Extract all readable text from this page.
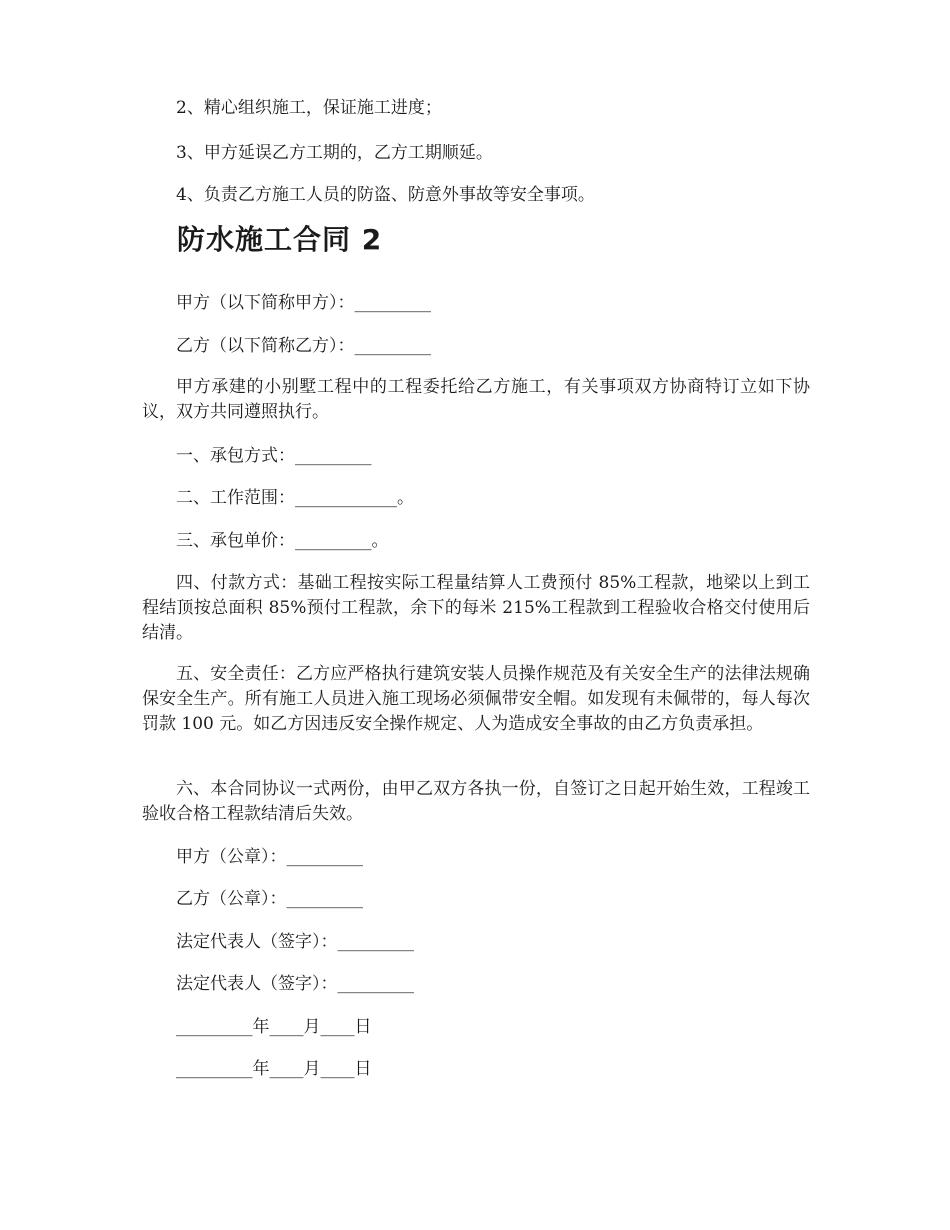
2、精心组织施工，保证施工进度；
3、甲方延误乙方工期的，乙方工期顺延。
4、负责乙方施工人员的防盗、防意外事故等安全事项。
防水施工合同 2
甲方（以下简称甲方）：_________
乙方（以下简称乙方）：_________
甲方承建的小别墅工程中的工程委托给乙方施工，有关事项双方协商特订立如下协议，双方共同遵照执行。
一、承包方式：_________
二、工作范围：____________。
三、承包单价：_________。
四、付款方式：基础工程按实际工程量结算人工费预付 85%工程款，地梁以上到工程结顶按总面积 85%预付工程款，余下的每米 215%工程款到工程验收合格交付使用后结清。
五、安全责任：乙方应严格执行建筑安装人员操作规范及有关安全生产的法律法规确保安全生产。所有施工人员进入施工现场必须佩带安全帽。如发现有未佩带的，每人每次罚款 100 元。如乙方因违反安全操作规定、人为造成安全事故的由乙方负责承担。
六、本合同协议一式两份，由甲乙双方各执一份，自签订之日起开始生效，工程竣工验收合格工程款结清后失效。
甲方（公章）：_________
乙方（公章）：_________
法定代表人（签字）：_________
法定代表人（签字）：_________
_________年____月____日
_________年____月____日
